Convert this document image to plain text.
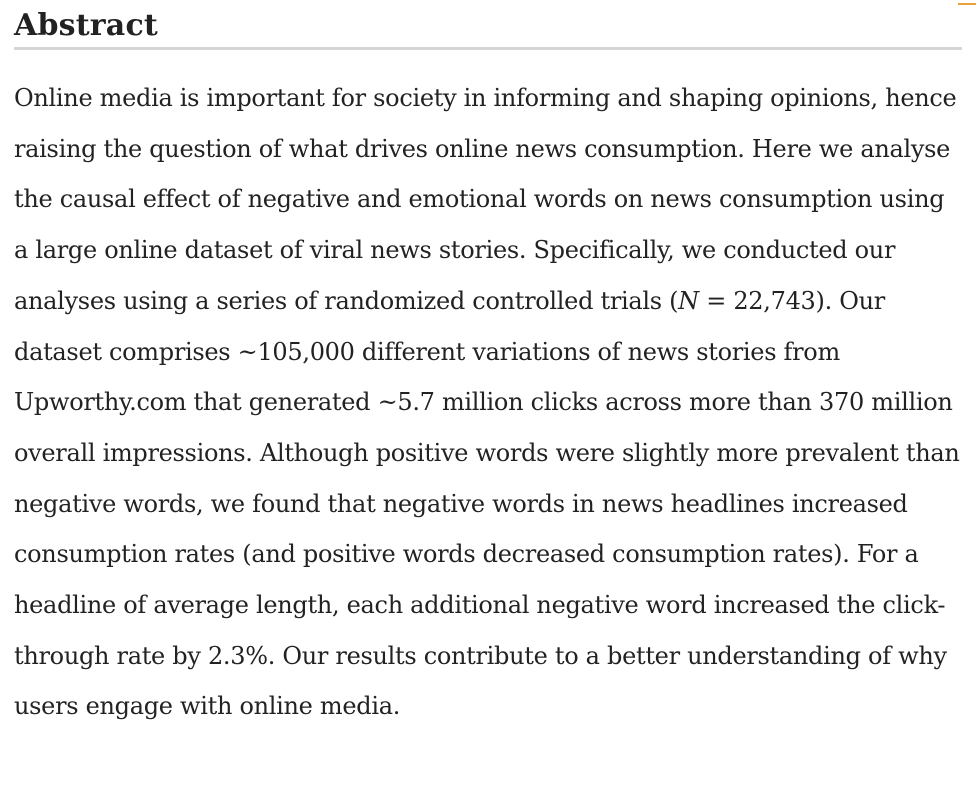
Abstract

Online media is important for society in informing and shaping opinions, hence raising the question of what drives online news consumption. Here we analyse the causal effect of negative and emotional words on news consumption using a large online dataset of viral news stories. Specifically, we conducted our analyses using a series of randomized controlled trials (N = 22,743). Our dataset comprises ~105,000 different variations of news stories from Upworthy.com that generated ~5.7 million clicks across more than 370 million overall impressions. Although positive words were slightly more prevalent than negative words, we found that negative words in news headlines increased consumption rates (and positive words decreased consumption rates). For a headline of average length, each additional negative word increased the click-through rate by 2.3%. Our results contribute to a better understanding of why users engage with online media.
